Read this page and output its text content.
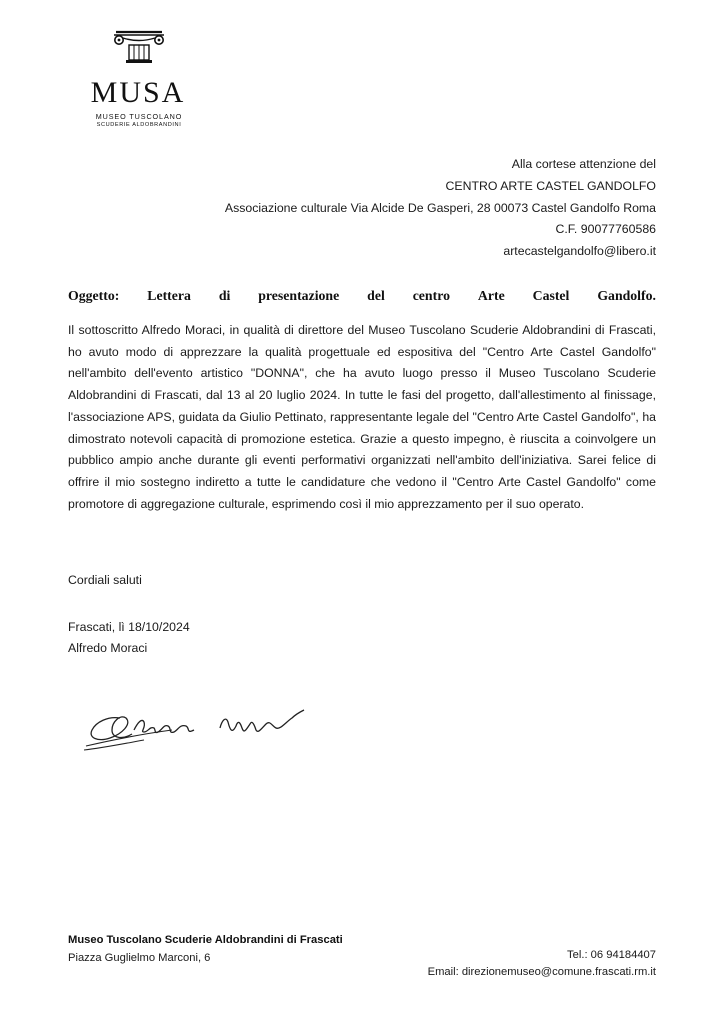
MUSA
MUSEO TUSCOLANO
SCUDERIE ALDOBRANDINI
Alla cortese attenzione del
CENTRO ARTE CASTEL GANDOLFO
Associazione culturale Via Alcide De Gasperi, 28 00073 Castel Gandolfo Roma
C.F. 90077760586
artecastelgandolfo@libero.it
Oggetto: Lettera di presentazione del centro Arte Castel Gandolfo.

Il sottoscritto Alfredo Moraci, in qualità di direttore del Museo Tuscolano Scuderie Aldobrandini di Frascati, ho avuto modo di apprezzare la qualità progettuale ed espositiva del "Centro Arte Castel Gandolfo" nell'ambito dell'evento artistico "DONNA", che ha avuto luogo presso il Museo Tuscolano Scuderie Aldobrandini di Frascati, dal 13 al 20 luglio 2024. In tutte le fasi del progetto, dall'allestimento al finissage, l'associazione APS, guidata da Giulio Pettinato, rappresentante legale del "Centro Arte Castel Gandolfo", ha dimostrato notevoli capacità di promozione estetica. Grazie a questo impegno, è riuscita a coinvolgere un pubblico ampio anche durante gli eventi performativi organizzati nell'ambito dell'iniziativa. Sarei felice di offrire il mio sostegno indiretto a tutte le candidature che vedono il "Centro Arte Castel Gandolfo" come promotore di aggregazione culturale, esprimendo così il mio apprezzamento per il suo operato.

Cordiali saluti
Frascati, lì 18/10/2024
Alfredo Moraci
Museo Tuscolano Scuderie Aldobrandini di Frascati
Piazza Guglielmo Marconi, 6	Tel.: 06 94184407
Email: direzionemuseo@comune.frascati.rm.it
